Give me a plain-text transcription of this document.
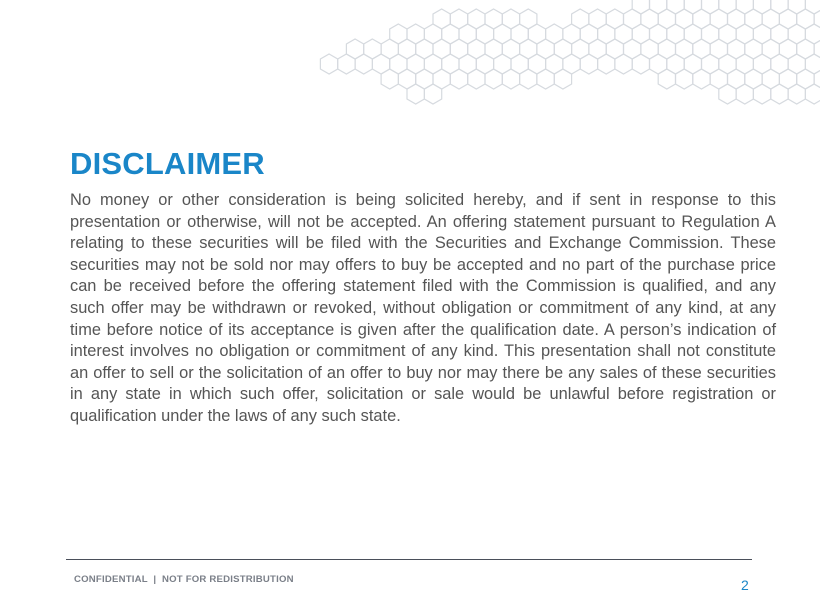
DISCLAIMER

No money or other consideration is being solicited hereby, and if sent in response to this presentation or otherwise, will not be accepted. An offering statement pursuant to Regulation A relating to these securities will be filed with the Securities and Exchange Commission. These securities may not be sold nor may offers to buy be accepted and no part of the purchase price can be received before the offering statement filed with the Commission is qualified, and any such offer may be withdrawn or revoked, without obligation or commitment of any kind, at any time before notice of its acceptance is given after the qualification date. A person’s indication of interest involves no obligation or commitment of any kind. This presentation shall not constitute an offer to sell or the solicitation of an offer to buy nor may there be any sales of these securities in any state in which such offer, solicitation or sale would be unlawful before registration or qualification under the laws of any such state.

CONFIDENTIAL  |  NOT FOR REDISTRIBUTION	2
